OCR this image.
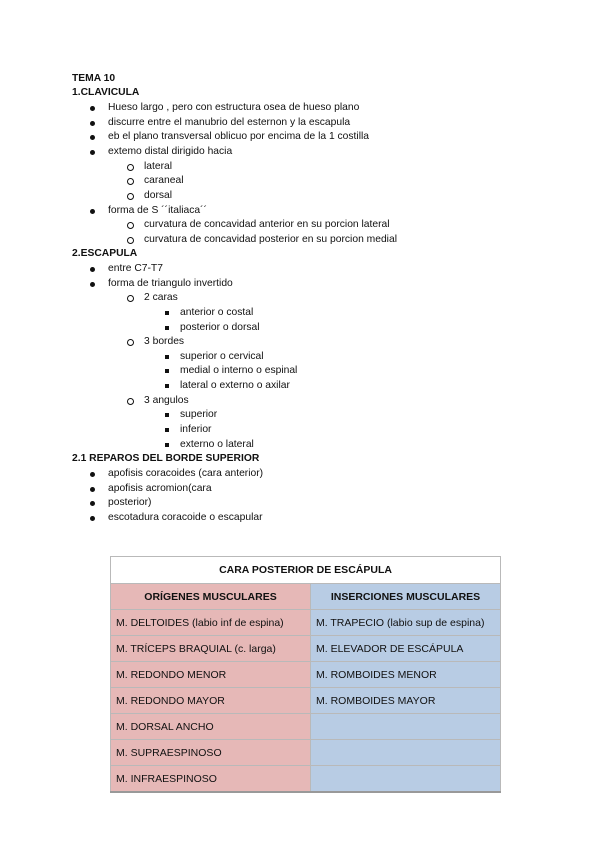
TEMA 10
1.CLAVICULA
Hueso largo , pero con estructura osea de hueso plano
discurre entre el manubrio del esternon y la escapula
eb el plano transversal oblicuo por encima de la 1 costilla
extemo distal dirigido hacia
lateral
caraneal
dorsal
forma de S ´´italiaca´´
curvatura de concavidad anterior en su porcion lateral
curvatura de concavidad posterior en su porcion medial
2.ESCAPULA
entre C7-T7
forma de triangulo invertido
2 caras
anterior o costal
posterior o dorsal
3 bordes
superior o cervical
medial o interno o espinal
lateral o externo o axilar
3 angulos
superior
inferior
externo o lateral
2.1 REPAROS DEL BORDE SUPERIOR
apofisis coracoides (cara anterior)
apofisis acromion(cara
posterior)
escotadura coracoide o escapular
CARA POSTERIOR DE ESCÁPULA	
ORÍGENES MUSCULARES	INSERCIONES MUSCULARES
M. DELTOIDES (labio inf de espina)	M. TRAPECIO (labio sup de espina)
M. TRÍCEPS BRAQUIAL (c. larga)	M. ELEVADOR DE ESCÁPULA
M. REDONDO MENOR	M. ROMBOIDES MENOR
M. REDONDO MAYOR	M. ROMBOIDES MAYOR
M. DORSAL ANCHO	
M. SUPRAESPINOSO	
M. INFRAESPINOSO	
